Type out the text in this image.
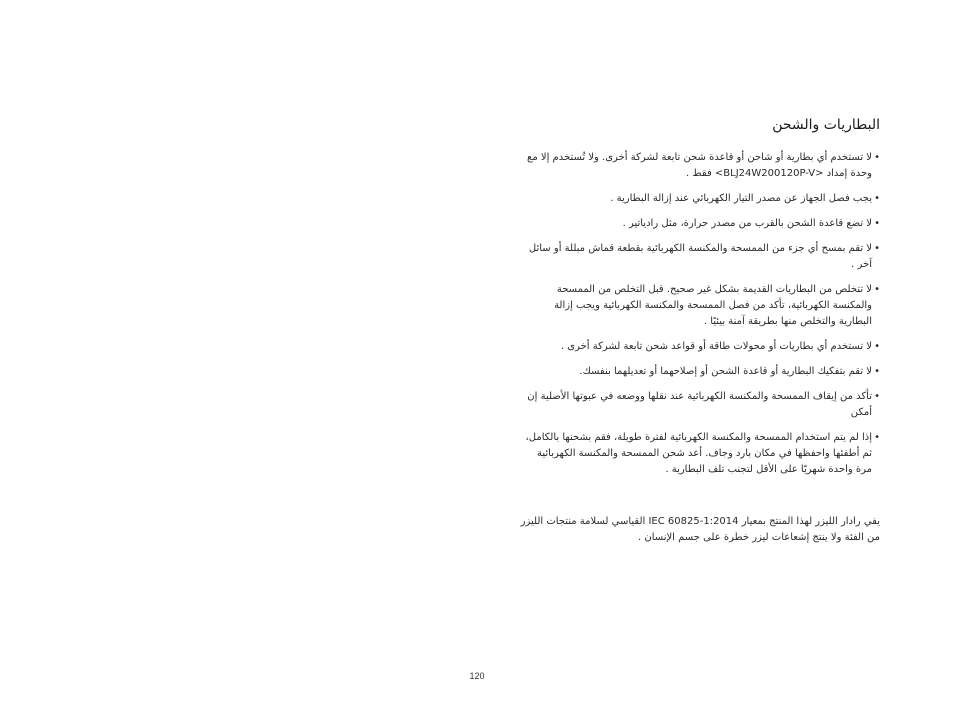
البطاريات والشحن
• لا تستخدم أي بطارية أو شاحن أو قاعدة شحن تابعة لشركة أخرى. ولا تُستخدم إلا مع وحدة إمداد <BLJ24W200120P-V> فقط .
• يجب فصل الجهاز عن مصدر التيار الكهربائي عند إزالة البطارية .
• لا تضع قاعدة الشحن بالقرب من مصدر حرارة، مثل رادياتير .
• لا تقم بمسح أي جزء من الممسحة والمكنسة الكهربائية بقطعة قماش مبللة أو سائل آخر .
• لا تتخلص من البطاريات القديمة بشكل غير صحيح. قبل التخلص من الممسحة والمكنسة الكهربائية، تأكد من فصل الممسحة والمكنسة الكهربائية ويجب إزالة البطارية والتخلص منها بطريقة آمنة بيئيًا .
• لا تستخدم أي بطاريات أو محولات طاقة أو قواعد شحن تابعة لشركة أخرى .
• لا تقم بتفكيك البطارية أو قاعدة الشحن أو إصلاحهما أو تعديلهما بنفسك.
• تأكد من إيقاف الممسحة والمكنسة الكهربائية عند نقلها ووضعه في عبوتها الأصلية إن أمكن
• إذا لم يتم استخدام الممسحة والمكنسة الكهربائية لفترة طويلة، فقم بشحنها بالكامل، ثم أطفئها واحفظها في مكان بارد وجاف. أعد شحن الممسحة والمكنسة الكهربائية مرة واحدة شهريًا على الأقل لتجنب تلف البطارية .

يفي رادار الليزر لهذا المنتج بمعيار IEC 60825-1:2014 القياسي لسلامة منتجات الليزر من الفئة ولا ينتج إشعاعات ليزر خطرة على جسم الإنسان .

120
